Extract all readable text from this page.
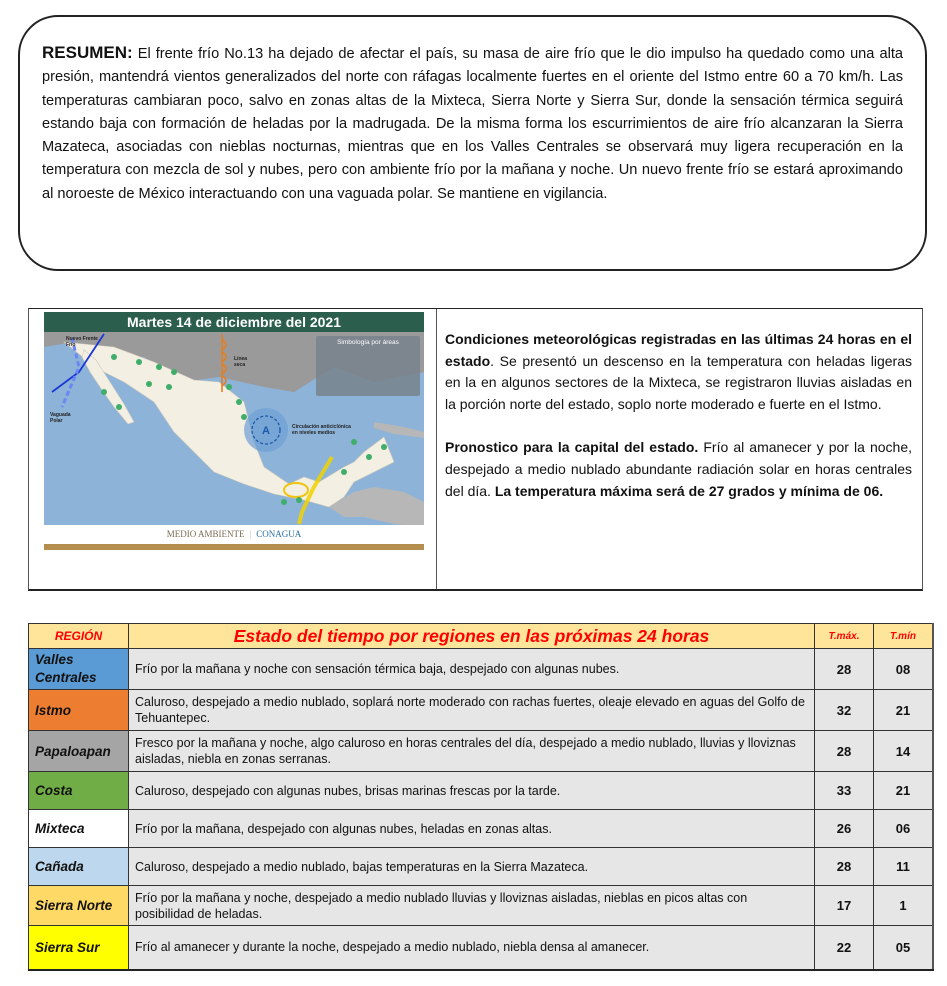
RESUMEN: El frente frío No.13 ha dejado de afectar el país, su masa de aire frío que le dio impulso ha quedado como una alta presión, mantendrá vientos generalizados del norte con ráfagas localmente fuertes en el oriente del Istmo entre 60 a 70 km/h. Las temperaturas cambiaran poco, salvo en zonas altas de la Mixteca, Sierra Norte y Sierra Sur, donde la sensación térmica seguirá estando baja con formación de heladas por la madrugada. De la misma forma los escurrimientos de aire frío alcanzaran la Sierra Mazateca, asociadas con nieblas nocturnas, mientras que en los Valles Centrales se observará muy ligera recuperación en la temperatura con mezcla de sol y nubes, pero con ambiente frío por la mañana y noche. Un nuevo frente frío se estará aproximando al noroeste de México interactuando con una vaguada polar. Se mantiene en vigilancia.

A
Martes 14 de diciembre del 2021
Simbología por áreas
Nuevo Frente Frío
Vaguada Polar
Línea seca
Circulación anticiclónica en niveles medios
MEDIO AMBIENTE | CONAGUA

Condiciones meteorológicas registradas en las últimas 24 horas en el estado. Se presentó un descenso en la temperatura con heladas ligeras en la en algunos sectores de la Mixteca, se registraron lluvias aisladas en la porción norte del estado, soplo norte moderado e fuerte en el Istmo.

Pronostico para la capital del estado. Frío al amanecer y por la noche, despejado a medio nublado abundante radiación solar en horas centrales del día. La temperatura máxima será de 27 grados y mínima de 06.

REGIÓN	Estado del tiempo por regiones en las próximas 24 horas	T.máx.	T.mín
Valles Centrales	Frío por la mañana y noche con sensación térmica baja, despejado con algunas nubes.	28	08
Istmo	Caluroso, despejado a medio nublado, soplará norte moderado con rachas fuertes, oleaje elevado en aguas del Golfo de Tehuantepec.	32	21
Papaloapan	Fresco por la mañana y noche, algo caluroso en horas centrales del día, despejado a medio nublado, lluvias y lloviznas aisladas, niebla en zonas serranas.	28	14
Costa	Caluroso, despejado con algunas nubes, brisas marinas frescas por la tarde.	33	21
Mixteca	Frío por la mañana, despejado con algunas nubes, heladas en zonas altas.	26	06
Cañada	Caluroso, despejado a medio nublado, bajas temperaturas en la Sierra Mazateca.	28	11
Sierra Norte	Frío por la mañana y noche, despejado a medio nublado lluvias y lloviznas aisladas, nieblas en picos altas con posibilidad de heladas.	17	1
Sierra Sur	Frío al amanecer y durante la noche, despejado a medio nublado, niebla densa al amanecer.	22	05
